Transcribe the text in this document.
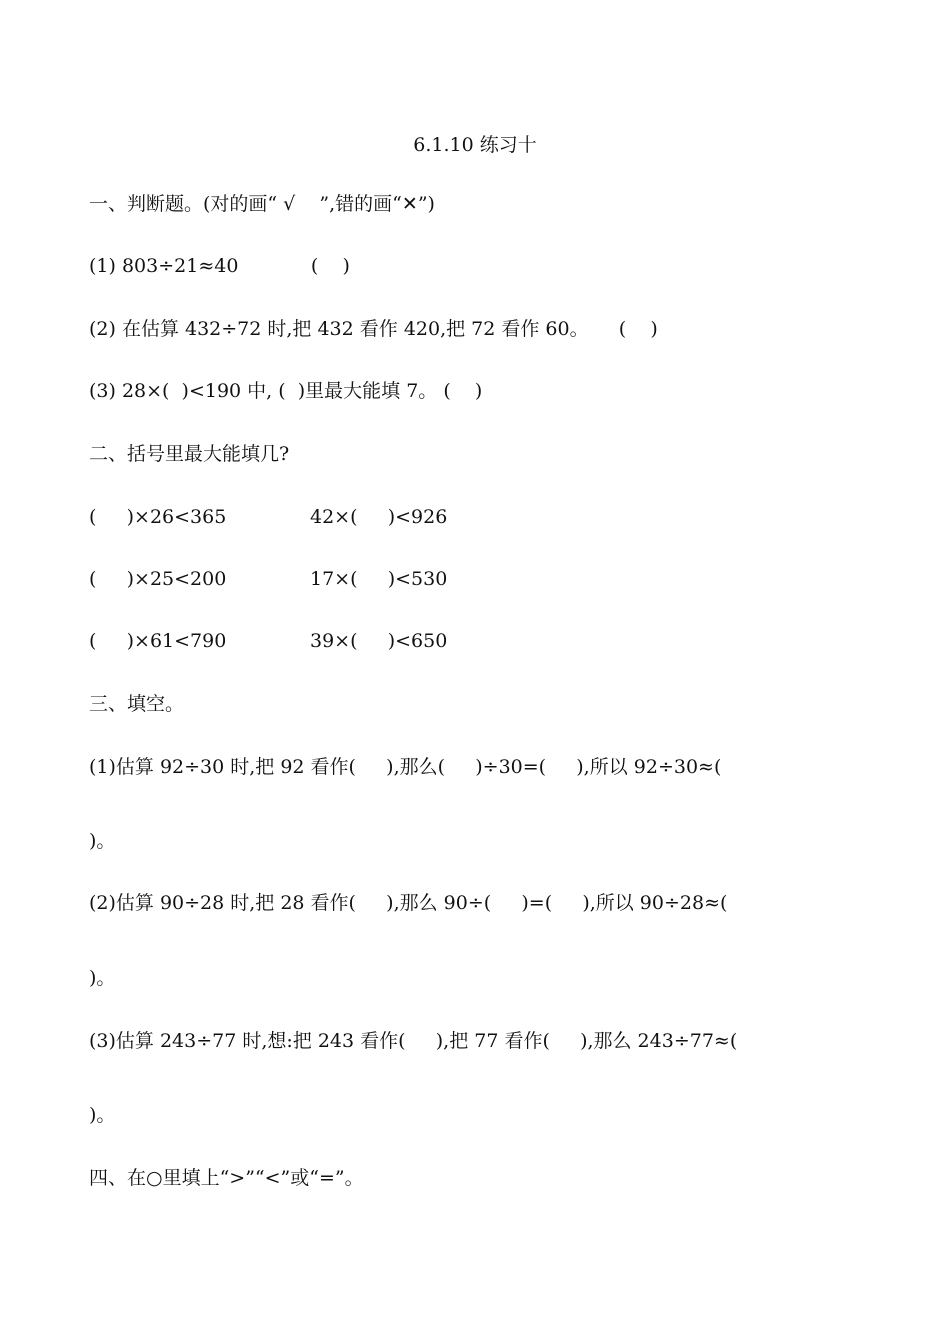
6.1.10 练习十
一、判断题。(对的画“ √    ”,错的画“✕”)
(1) 803÷21≈40            (    )
(2) 在估算 432÷72 时,把 432 看作 420,把 72 看作 60。     (    )
(3) 28×(  )<190 中, (  )里最大能填 7。 (    )
二、括号里最大能填几?
(     )×26<365	42×(     )<926
(     )×25<200	17×(     )<530
(     )×61<790	39×(     )<650
三、填空。
(1)估算 92÷30 时,把 92 看作(     ),那么(     )÷30=(     ),所以 92÷30≈(
)。
(2)估算 90÷28 时,把 28 看作(     ),那么 90÷(     )=(     ),所以 90÷28≈(
)。
(3)估算 243÷77 时,想:把 243 看作(     ),把 77 看作(     ),那么 243÷77≈(
)。
四、在○里填上“>”“<”或“=”。
